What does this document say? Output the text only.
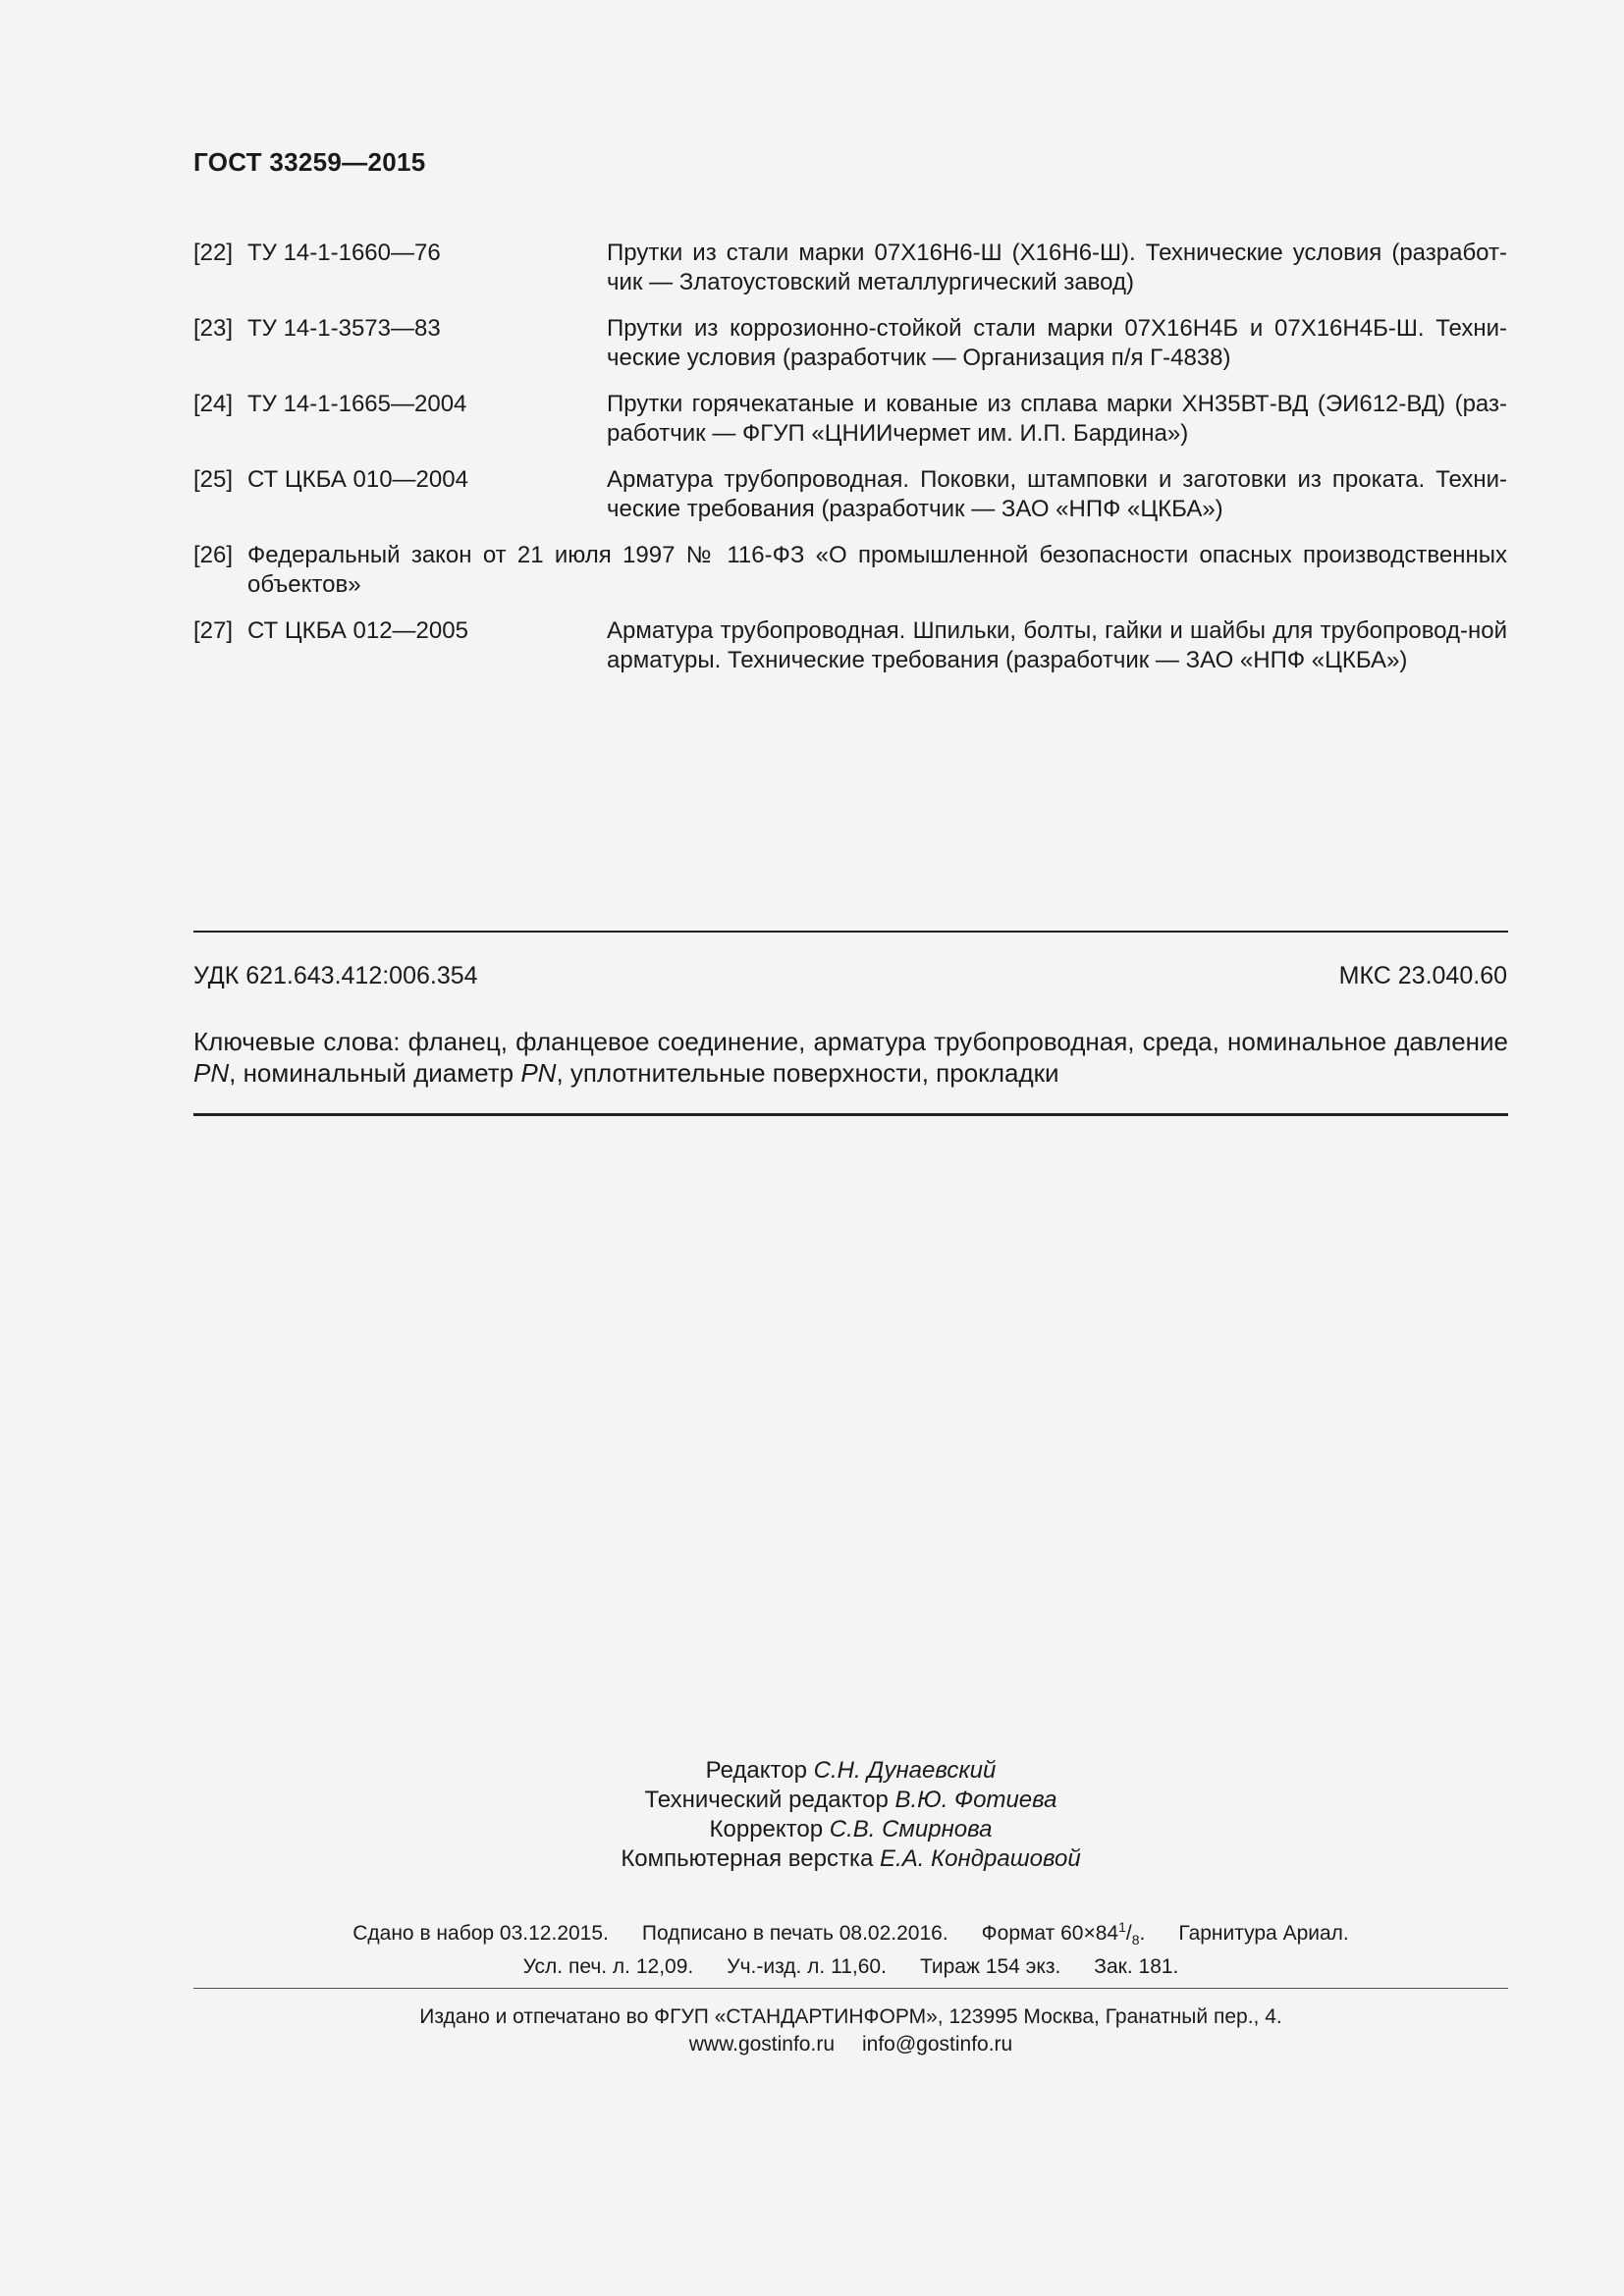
ГОСТ 33259—2015
[22] ТУ 14-1-1660—76	Прутки из стали марки 07Х16Н6-Ш (Х16Н6-Ш). Технические условия (разработ-чик — Златоустовский металлургический завод)
[23] ТУ 14-1-3573—83	Прутки из коррозионно-стойкой стали марки 07Х16Н4Б и 07Х16Н4Б-Ш. Техни-ческие условия (разработчик — Организация п/я Г-4838)
[24] ТУ 14-1-1665—2004	Прутки горячекатаные и кованые из сплава марки ХН35ВТ-ВД (ЭИ612-ВД) (раз-работчик — ФГУП «ЦНИИчермет им. И.П. Бардина»)
[25] СТ ЦКБА 010—2004	Арматура трубопроводная. Поковки, штамповки и заготовки из проката. Техни-ческие требования (разработчик — ЗАО «НПФ «ЦКБА»)
[26] Федеральный закон от 21 июля 1997 № 116-ФЗ «О промышленной безопасности опасных производственных объектов»
[27] СТ ЦКБА 012—2005	Арматура трубопроводная. Шпильки, болты, гайки и шайбы для трубопровод-ной арматуры. Технические требования (разработчик — ЗАО «НПФ «ЦКБА»)
УДК 621.643.412:006.354	МКС 23.040.60
Ключевые слова: фланец, фланцевое соединение, арматура трубопроводная, среда, номинальное давление PN, номинальный диаметр PN, уплотнительные поверхности, прокладки
Редактор С.Н. Дунаевский
Технический редактор В.Ю. Фотиева
Корректор С.В. Смирнова
Компьютерная верстка Е.А. Кондрашовой
Сдано в набор 03.12.2015. Подписано в печать 08.02.2016. Формат $60\times 84^1/_8$. Гарнитура Ариал.
Усл. печ. л. 12,09. Уч.-изд. л. 11,60. Тираж 154 экз. Зак. 181.
Издано и отпечатано во ФГУП «СТАНДАРТИНФОРМ», 123995 Москва, Гранатный пер., 4.
www.gostinfo.ru info@gostinfo.ru
